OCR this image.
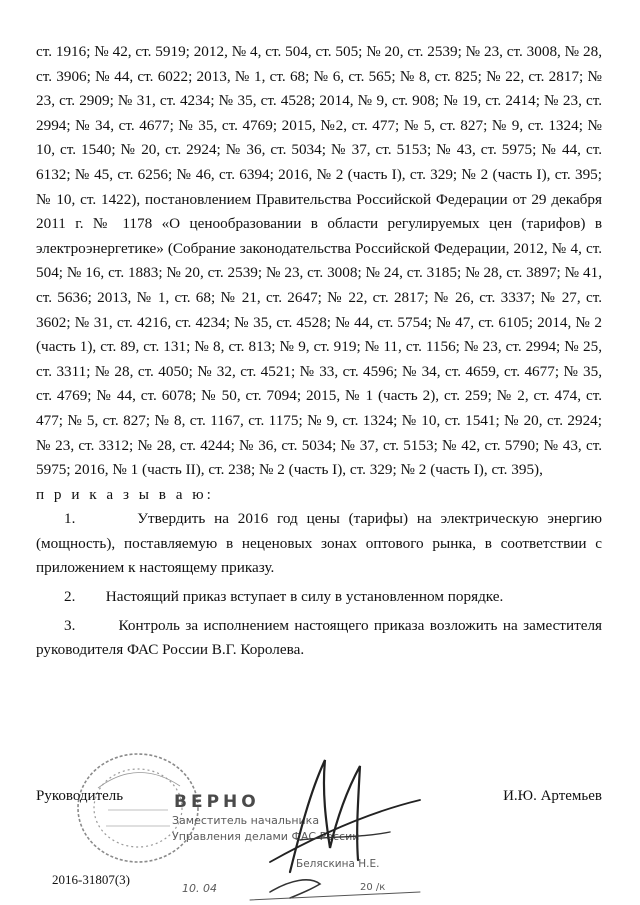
ст. 1916; № 42, ст. 5919; 2012, № 4, ст. 504, ст. 505; № 20, ст. 2539; № 23, ст. 3008, № 28, ст. 3906; № 44, ст. 6022; 2013, № 1, ст. 68; № 6, ст. 565; № 8, ст. 825; № 22, ст. 2817; № 23, ст. 2909; № 31, ст. 4234; № 35, ст. 4528; 2014, № 9, ст. 908; № 19, ст. 2414; № 23, ст. 2994; № 34, ст. 4677; № 35, ст. 4769; 2015, №2, ст. 477; № 5, ст. 827; № 9, ст. 1324; № 10, ст. 1540; № 20, ст. 2924; № 36, ст. 5034; № 37, ст. 5153; № 43, ст. 5975; № 44, ст. 6132; № 45, ст. 6256; № 46, ст. 6394; 2016, № 2 (часть I), ст. 329; № 2 (часть I), ст. 395; № 10, ст. 1422), постановлением Правительства Российской Федерации от 29 декабря 2011 г. № 1178 «О ценообразовании в области регулируемых цен (тарифов) в электроэнергетике» (Собрание законодательства Российской Федерации, 2012, № 4, ст. 504; № 16, ст. 1883; № 20, ст. 2539; № 23, ст. 3008; № 24, ст. 3185; № 28, ст. 3897; № 41, ст. 5636; 2013, № 1, ст. 68; № 21, ст. 2647; № 22, ст. 2817; № 26, ст. 3337; № 27, ст. 3602; № 31, ст. 4216, ст. 4234; № 35, ст. 4528; № 44, ст. 5754; № 47, ст. 6105; 2014, № 2 (часть 1), ст. 89, ст. 131; № 8, ст. 813; № 9, ст. 919; № 11, ст. 1156; № 23, ст. 2994; № 25, ст. 3311; № 28, ст. 4050; № 32, ст. 4521; № 33, ст. 4596; № 34, ст. 4659, ст. 4677; № 35, ст. 4769; № 44, ст. 6078; № 50, ст. 7094; 2015, № 1 (часть 2), ст. 259; № 2, ст. 474, ст. 477; № 5, ст. 827; № 8, ст. 1167, ст. 1175; № 9, ст. 1324; № 10, ст. 1541; № 20, ст. 2924; № 23, ст. 3312; № 28, ст. 4244; № 36, ст. 5034; № 37, ст. 5153; № 42, ст. 5790; № 43, ст. 5975; 2016, № 1 (часть II), ст. 238; № 2 (часть I), ст. 329; № 2 (часть I), ст. 395),

п р и к а з ы в а ю:

1.	Утвердить на 2016 год цены (тарифы) на электрическую энергию (мощность), поставляемую в неценовых зонах оптового рынка, в соответствии с приложением к настоящему приказу.

2. Настоящий приказ вступает в силу в установленном порядке.

3.	Контроль за исполнением настоящего приказа возложить на заместителя руководителя ФАС России В.Г. Королева.

Руководитель	И.Ю. Артемьев
ВЕРНО
Заместитель начальника
Управления делами ФАС России
Беляскина Н.Е.
10. 04	20 /к
2016-31807(3)
